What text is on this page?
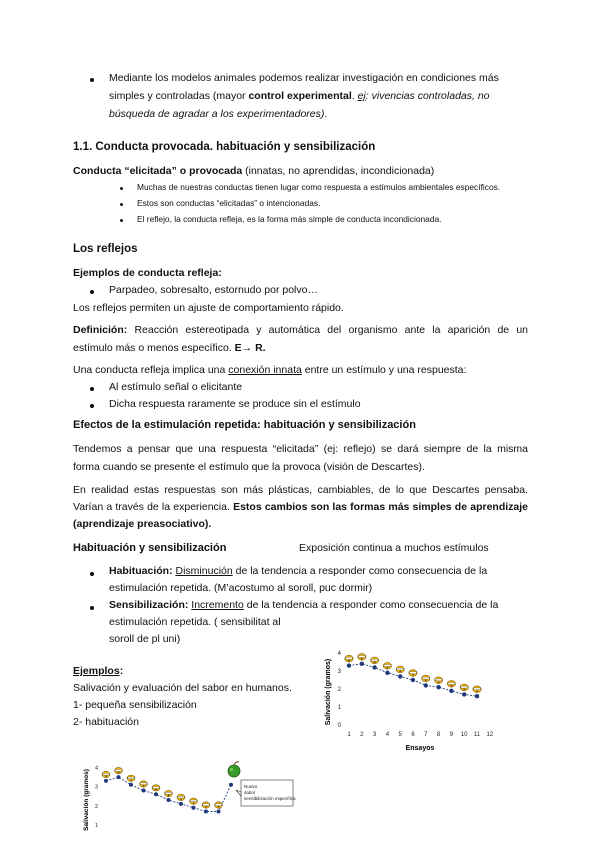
Mediante los modelos animales podemos realizar investigación en condiciones más
simples y controladas (mayor control experimental. ej: vivencias controladas, no
búsqueda de agradar a los experimentadores).
1.1. Conducta provocada. habituación y sensibilización
Conducta “elicitada” o provocada (innatas, no aprendidas, incondicionada)
Muchas de nuestras conductas tienen lugar como respuesta a estímulos ambientales específicos.
Estos son conductas “elicitadas” o intencionadas.
El reflejo, la conducta refleja, es la forma más simple de conducta incondicionada.
Los reflejos
Ejemplos de conducta refleja:
Parpadeo, sobresalto, estornudo por polvo…
Los reflejos permiten un ajuste de comportamiento rápido.
Definición: Reacción estereotipada y automática del organismo ante la aparición de un
estímulo más o menos específico. E→ R.
Una conducta refleja implica una conexión innata entre un estímulo y una respuesta:
Al estímulo señal o elicitante
Dicha respuesta raramente se produce sin el estímulo
Efectos de la estimulación repetida: habituación y sensibilización
Tendemos a pensar que una respuesta “elicitada” (ej: reflejo) se dará siempre de la misma
forma cuando se presente el estímulo que la provoca (visión de Descartes).
En realidad estas respuestas son más plásticas, cambiables, de lo que Descartes pensaba.
Varían a través de la experiencia. Estos cambios son las formas más simples de aprendizaje
(aprendizaje preasociativo).
Habituación y sensibilización	Exposición continua a muchos estímulos
Habituación: Disminución de la tendencia a responder como consecuencia de la
estimulación repetida. (M’acostumo al soroll, puc dormir)
Sensibilización: Incremento de la tendencia a responder como consecuencia de la
estimulación repetida. ( sensibilitat al
soroll de pl uni)
Ejemplos:
Salivación y evaluación del sabor en humanos.
1- pequeña sensibilización
2- habituación	Salivación (gramos)
0
1
2
3
4
1 2 3 4 5 6 7 8 9 10 11 12
Ensayos
Salivación (gramos) 1
2
3
4
Nuevo sabor sensibilización específica
